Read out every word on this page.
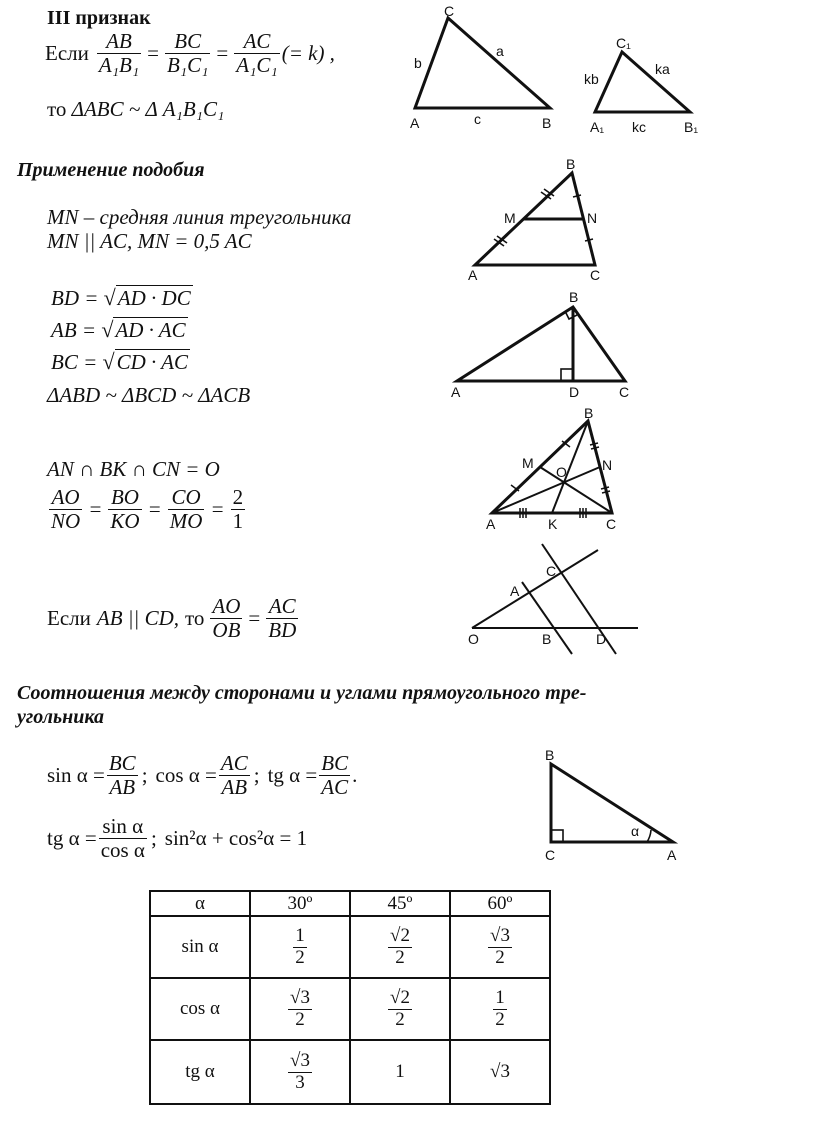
III признак
Если $\frac{AB}{\text{A₁B₁}} = \frac{BC}{\text{B₁C₁}} = \frac{AC}{\text{A₁C₁}}$ (= k) ,
то ΔABC ~ Δ A₁B₁C₁
A	B
C
a
b
c	A₁	B₁
C₁
ka
kb
kc
Применение подобия
MN – средняя линия треугольника
MN || AC, MN = 0,5 AC
A	C
B
M	N
BD = √AD · DC
AB = √AD · AC
BC = √CD · AC
ΔABD ~ ΔBCD ~ ΔACB	A	C
B
D
AN ∩ BK ∩ CN = O
$\frac{AO}{NO} = \frac{BO}{KO} = \frac{CO}{MO} = \frac{2}{1}$	A	C
B
M	N
K
O
Если AB || CD, то $\frac{AO}{OB} = \frac{AC}{BD}$	O
A
B
C
D
Соотношения между сторонами и углами прямоугольного тре-
угольника
$\sin \alpha = \frac{BC}{AB}$ ; $\cos \alpha = \frac{AC}{AB}$ ; tg $\alpha = \frac{BC}{AC}$ .
tg $\alpha = \frac{\text{sin α}}{\text{cos α}}$ ; sin²α + cos²α = 1
C	A
B
α
α	30º	45º	60º
sin α	$\frac{1}{2}$	$\frac{√2}{2}$	$\frac{√3}{2}$

cos α	$\frac{√3}{2}$	$\frac{√2}{2}$	$\frac{1}{2}$

tg α	$\frac{√3}{3}$	1	√3
